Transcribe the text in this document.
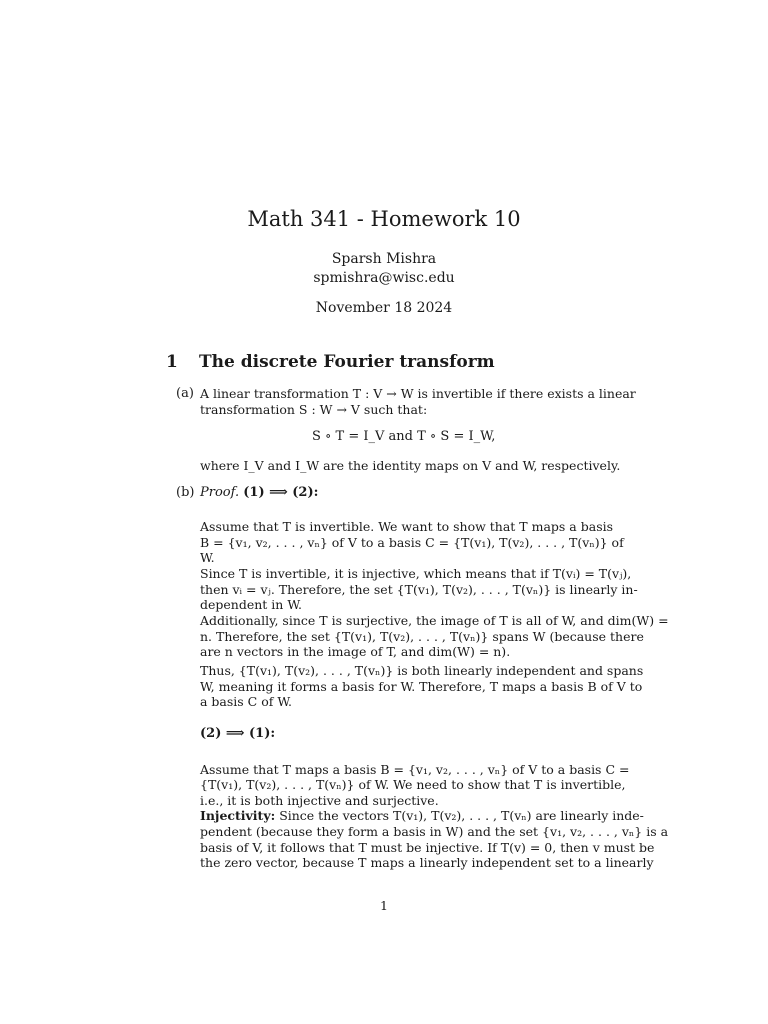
Math 341 - Homework 10
Sparsh Mishra
spmishra@wisc.edu
November 18 2024
1 The discrete Fourier transform
(a) A linear transformation T : V → W is invertible if there exists a linear
transformation S : W → V such that:
S ∘ T = I_V and T ∘ S = I_W,
where I_V and I_W are the identity maps on V and W, respectively.
(b) Proof. (1) ⟹ (2):
Assume that T is invertible. We want to show that T maps a basis
B = {v₁, v₂, . . . , vₙ} of V to a basis C = {T(v₁), T(v₂), . . . , T(vₙ)} of
W.
Since T is invertible, it is injective, which means that if T(vᵢ) = T(vⱼ),
then vᵢ = vⱼ. Therefore, the set {T(v₁), T(v₂), . . . , T(vₙ)} is linearly in-
dependent in W.
Additionally, since T is surjective, the image of T is all of W, and dim(W) =
n. Therefore, the set {T(v₁), T(v₂), . . . , T(vₙ)} spans W (because there
are n vectors in the image of T, and dim(W) = n).
Thus, {T(v₁), T(v₂), . . . , T(vₙ)} is both linearly independent and spans
W, meaning it forms a basis for W. Therefore, T maps a basis B of V to
a basis C of W.
(2) ⟹ (1):
Assume that T maps a basis B = {v₁, v₂, . . . , vₙ} of V to a basis C =
{T(v₁), T(v₂), . . . , T(vₙ)} of W. We need to show that T is invertible,
i.e., it is both injective and surjective.
Injectivity: Since the vectors T(v₁), T(v₂), . . . , T(vₙ) are linearly inde-
pendent (because they form a basis in W) and the set {v₁, v₂, . . . , vₙ} is a
basis of V, it follows that T must be injective. If T(v) = 0, then v must be
the zero vector, because T maps a linearly independent set to a linearly
1
